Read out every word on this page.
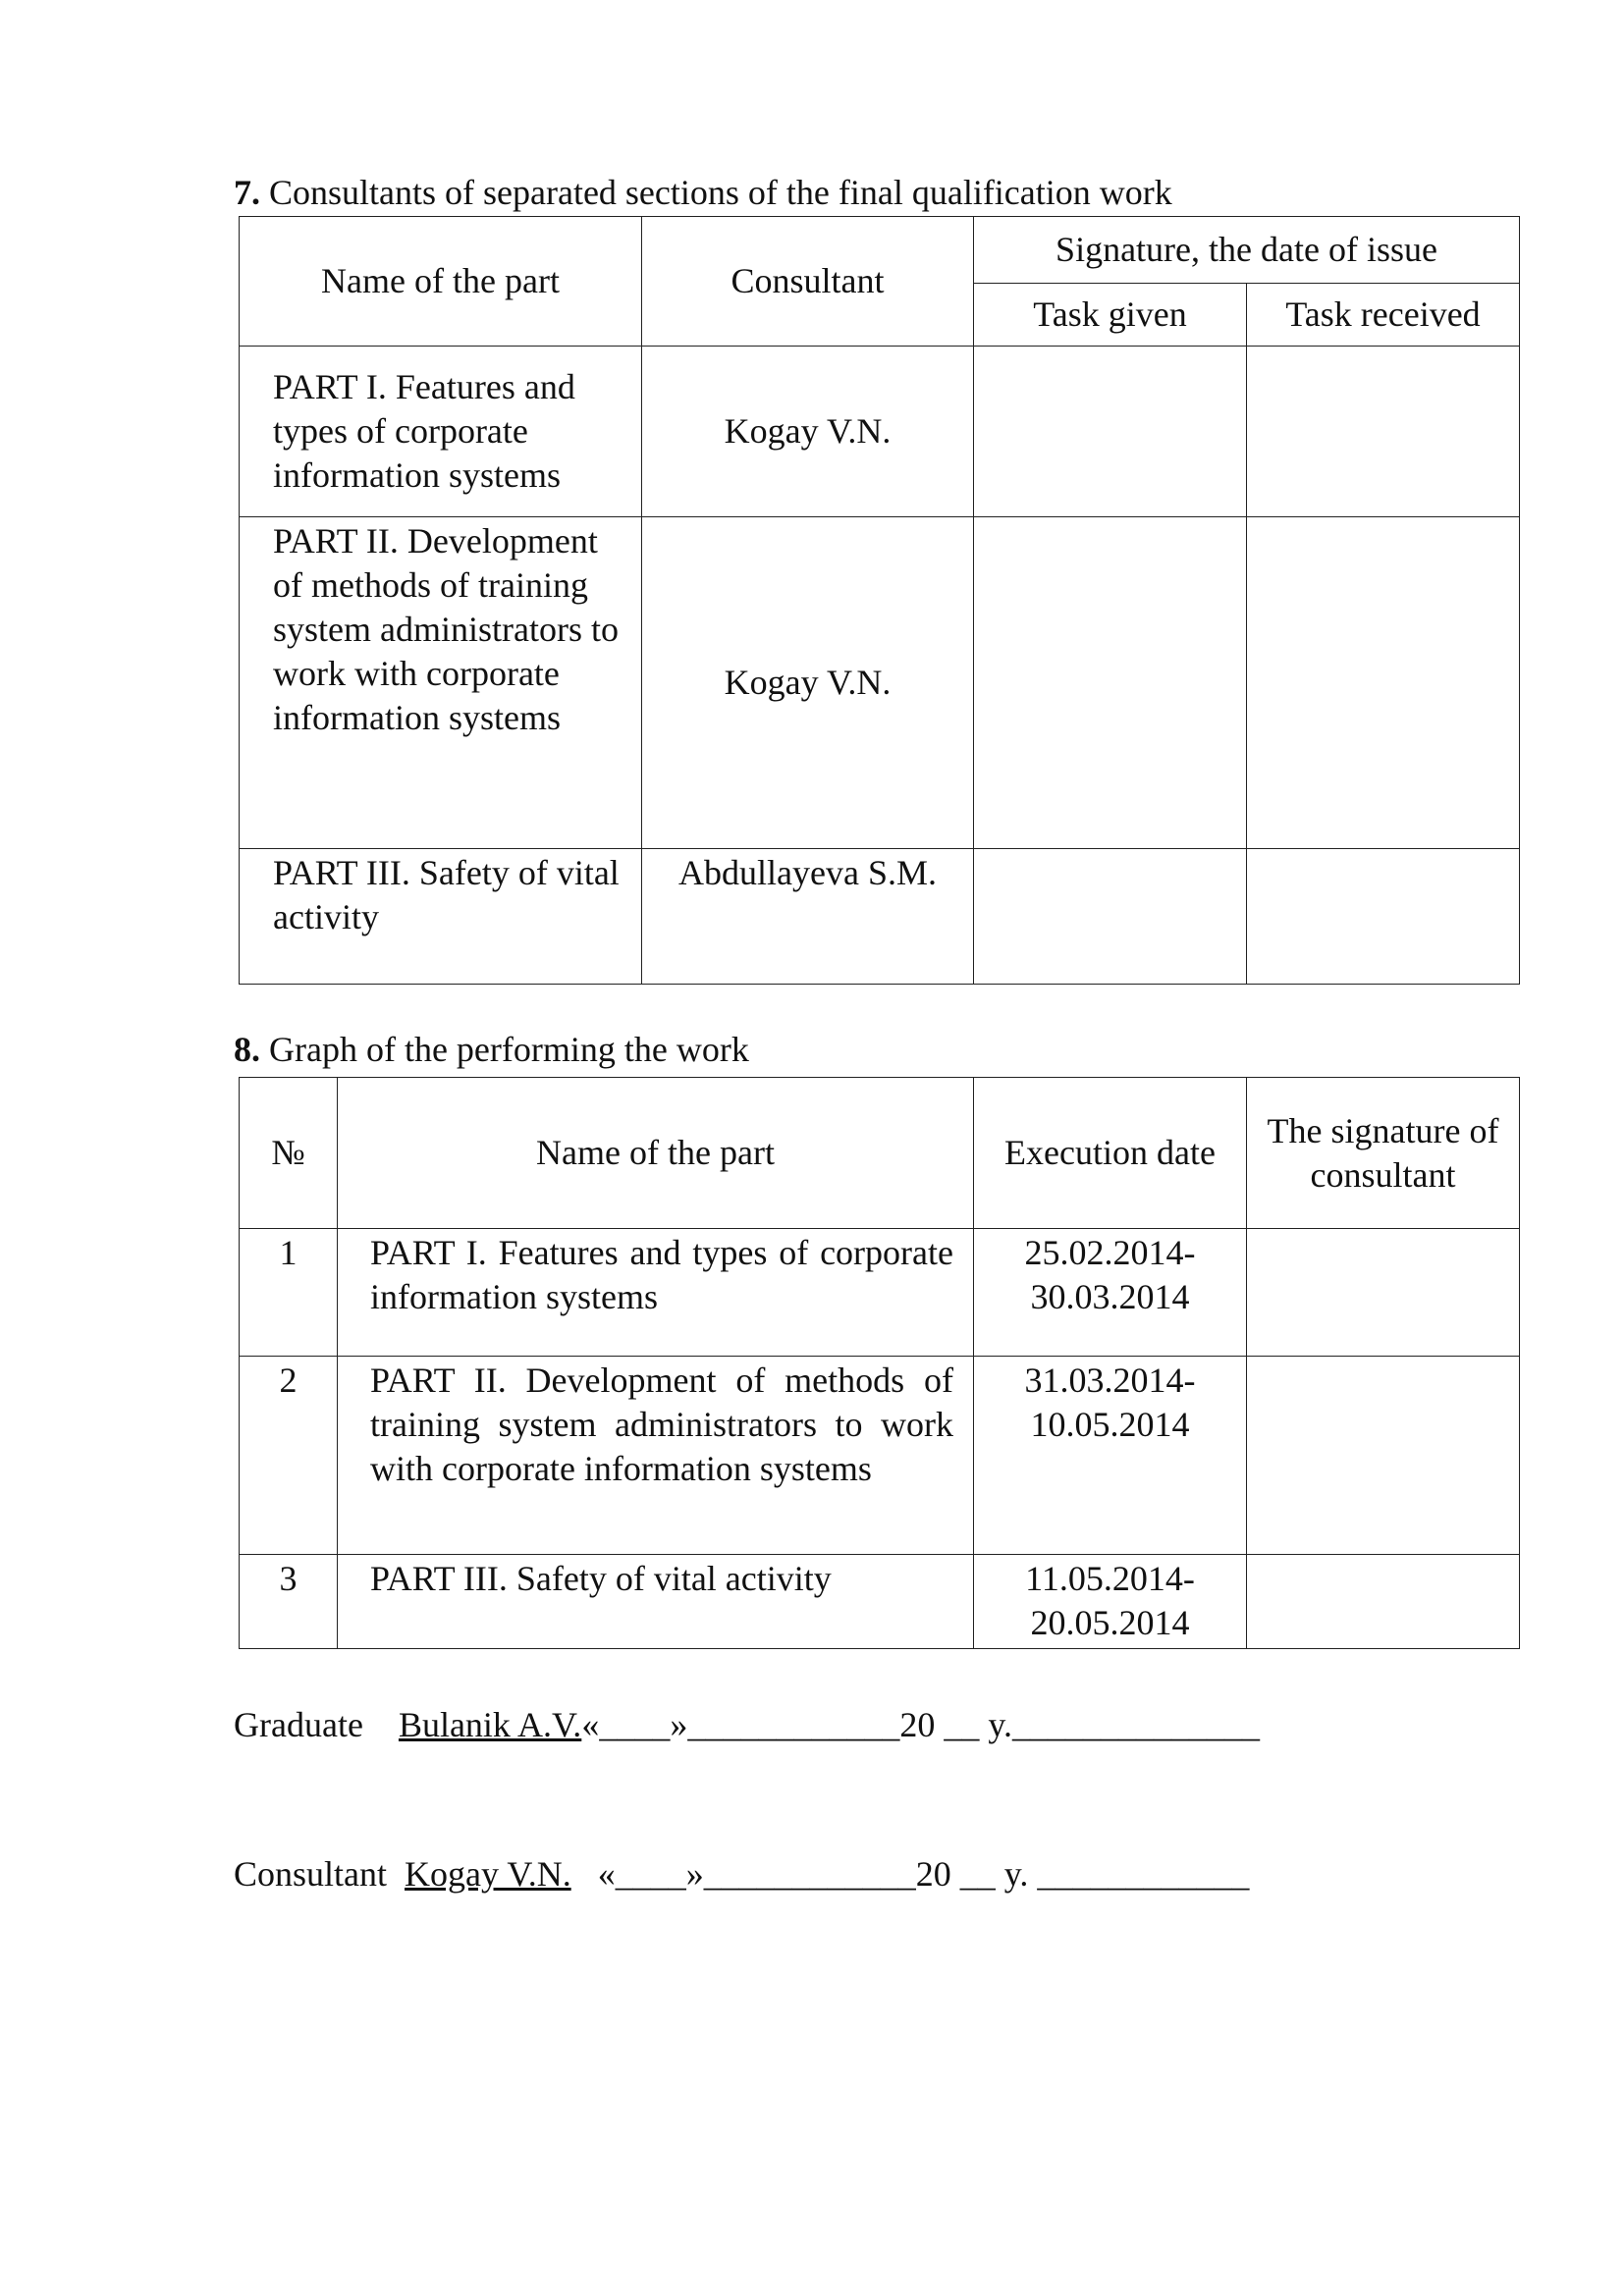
7. Consultants of separated sections of the final qualification work
Name of the part	Consultant	Signature, the date of issue	
		Task given	Task received
PART I. Features and types of corporate information systems	Kogay V.N.		
PART II. Development of methods of training system administrators to work with corporate information systems	Kogay V.N.		
PART III. Safety of vital activity	Abdullayeva S.M.		
8. Graph of the performing the work
№	Name of the part	Execution date	The signature of consultant
1	PART I. Features and types of corporate information systems	25.02.2014-
30.03.2014	

2	PART II. Development of methods of training system administrators to work with corporate information systems	31.03.2014-
10.05.2014	

3	PART III. Safety of vital activity	11.05.2014-
20.05.2014	

Graduate Bulanik A.V.«____»____________20 __ y.______________
Consultant Kogay V.N. «____»____________20 __ y. ____________
